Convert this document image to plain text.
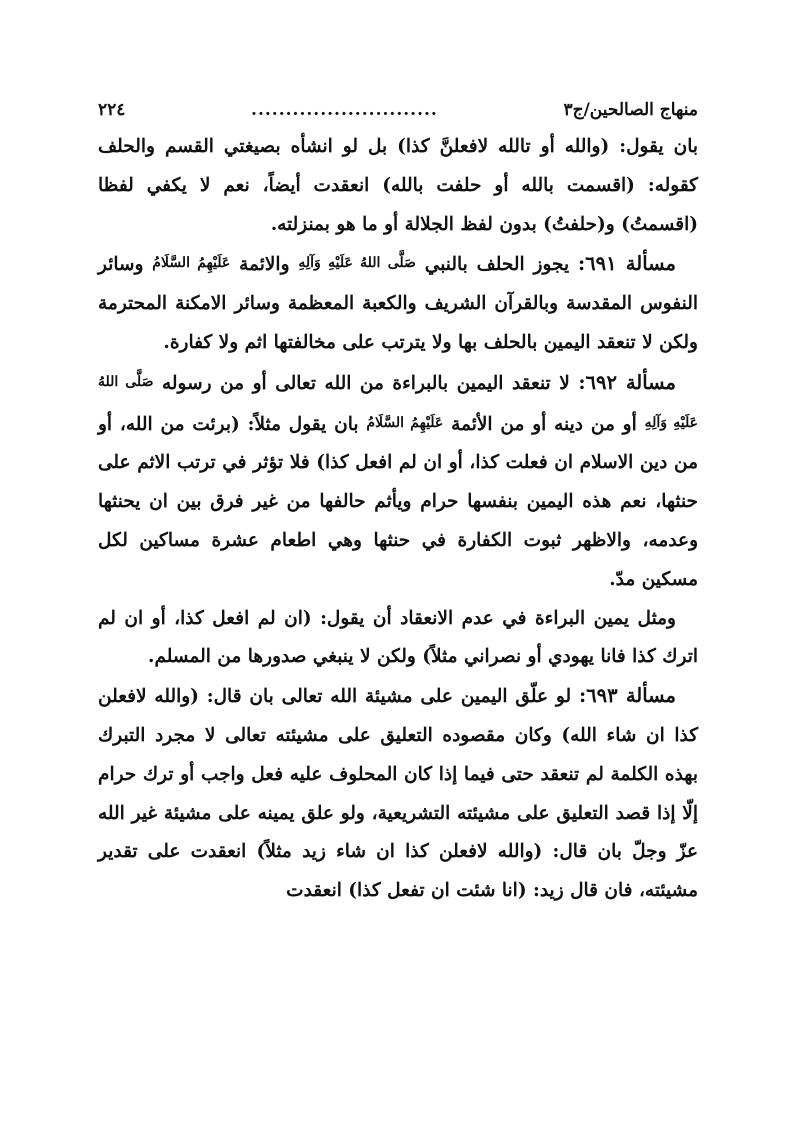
منهاج الصالحين/ج٣
...........................
٢٢٤

بان يقول: (والله أو تالله لافعلنَّ كذا) بل لو انشأه بصيغتي القسم والحلف كقوله: (اقسمت بالله أو حلفت بالله) انعقدت أيضاً، نعم لا يكفي لفظا (اقسمتُ) و(حلفتُ) بدون لفظ الجلالة أو ما هو بمنزلته.

مسألة ٦٩١: يجوز الحلف بالنبي صَلَّى اللهُ عَلَيْهِ وَآلِهِ والائمة عَلَيْهِمُ السَّلَامُ وسائر النفوس المقدسة وبالقرآن الشريف والكعبة المعظمة وسائر الامكنة المحترمة ولكن لا تنعقد اليمين بالحلف بها ولا يترتب على مخالفتها اثم ولا كفارة.

مسألة ٦٩٢: لا تنعقد اليمين بالبراءة من الله تعالى أو من رسوله صَلَّى اللهُ عَلَيْهِ وَآلِهِ أو من دينه أو من الأئمة عَلَيْهِمُ السَّلَامُ بان يقول مثلاً: (برئت من الله، أو من دين الاسلام ان فعلت كذا، أو ان لم افعل كذا) فلا تؤثر في ترتب الاثم على حنثها، نعم هذه اليمين بنفسها حرام ويأثم حالفها من غير فرق بين ان يحنثها وعدمه، والاظهر ثبوت الكفارة في حنثها وهي اطعام عشرة مساكين لكل مسكين مدّ.

ومثل يمين البراءة في عدم الانعقاد أن يقول: (ان لم افعل كذا، أو ان لم اترك كذا فانا يهودي أو نصراني مثلاً) ولكن لا ينبغي صدورها من المسلم.

مسألة ٦٩٣: لو علّق اليمين على مشيئة الله تعالى بان قال: (والله لافعلن كذا ان شاء الله) وكان مقصوده التعليق على مشيئته تعالى لا مجرد التبرك بهذه الكلمة لم تنعقد حتى فيما إذا كان المحلوف عليه فعل واجب أو ترك حرام إلّا إذا قصد التعليق على مشيئته التشريعية، ولو علق يمينه على مشيئة غير الله عزّ وجلّ بان قال: (والله لافعلن كذا ان شاء زيد مثلاً) انعقدت على تقدير مشيئته، فان قال زيد: (انا شئت ان تفعل كذا) انعقدت
